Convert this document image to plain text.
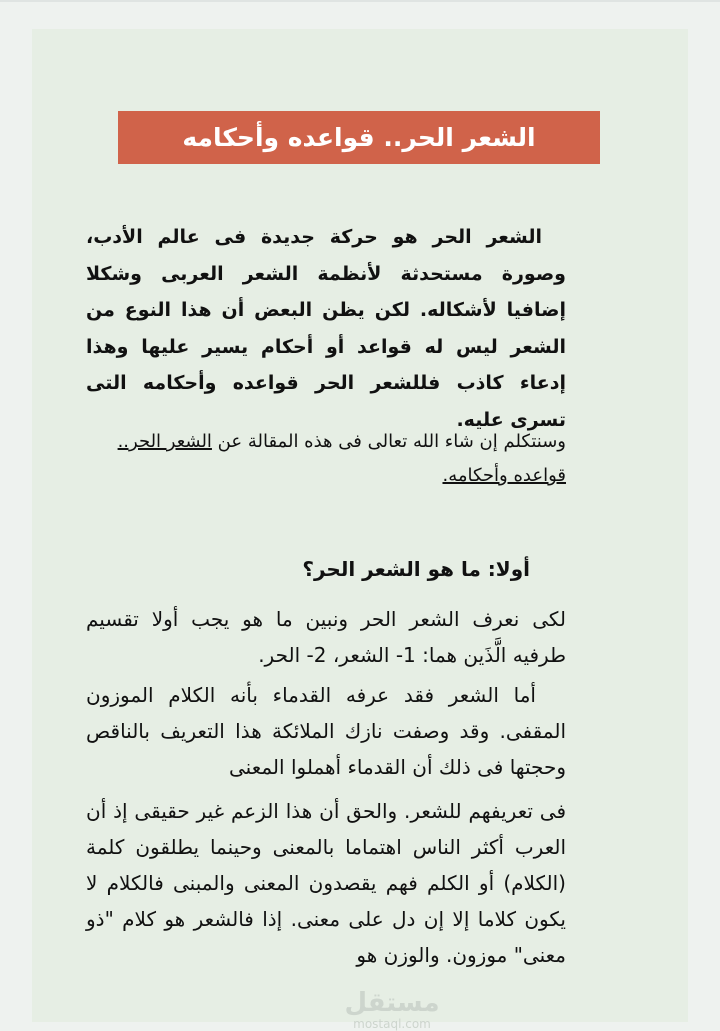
الشعر الحر.. قواعده وأحكامه
الشعر الحر هو حركة جديدة فى عالم الأدب، وصورة مستحدثة لأنظمة الشعر العربى وشكلا إضافيا لأشكاله. لكن يظن البعض أن هذا النوع من الشعر ليس له قواعد أو أحكام يسير عليها وهذا إدعاء كاذب فللشعر الحر قواعده وأحكامه التى تسرى عليه.
وسنتكلم إن شاء الله تعالى فى هذه المقالة عن الشعر الحر.. قواعده وأحكامه.
أولا: ما هو الشعر الحر؟
لكى نعرف الشعر الحر ونبين ما هو يجب أولا تقسيم طرفيه الَّذَين هما: 1- الشعر، 2- الحر.
أما الشعر فقد عرفه القدماء بأنه الكلام الموزون المقفى. وقد وصفت نازك الملائكة هذا التعريف بالناقص وحجتها فى ذلك أن القدماء أهملوا المعنى
فى تعريفهم للشعر. والحق أن هذا الزعم غير حقيقى إذ أن العرب أكثر الناس اهتماما بالمعنى وحينما يطلقون كلمة (الكلام) أو الكلم فهم يقصدون المعنى والمبنى فالكلام لا يكون كلاما إلا إن دل على معنى. إذا فالشعر هو كلام "ذو معنى" موزون. والوزن هو
مستقل
mostaql.com
